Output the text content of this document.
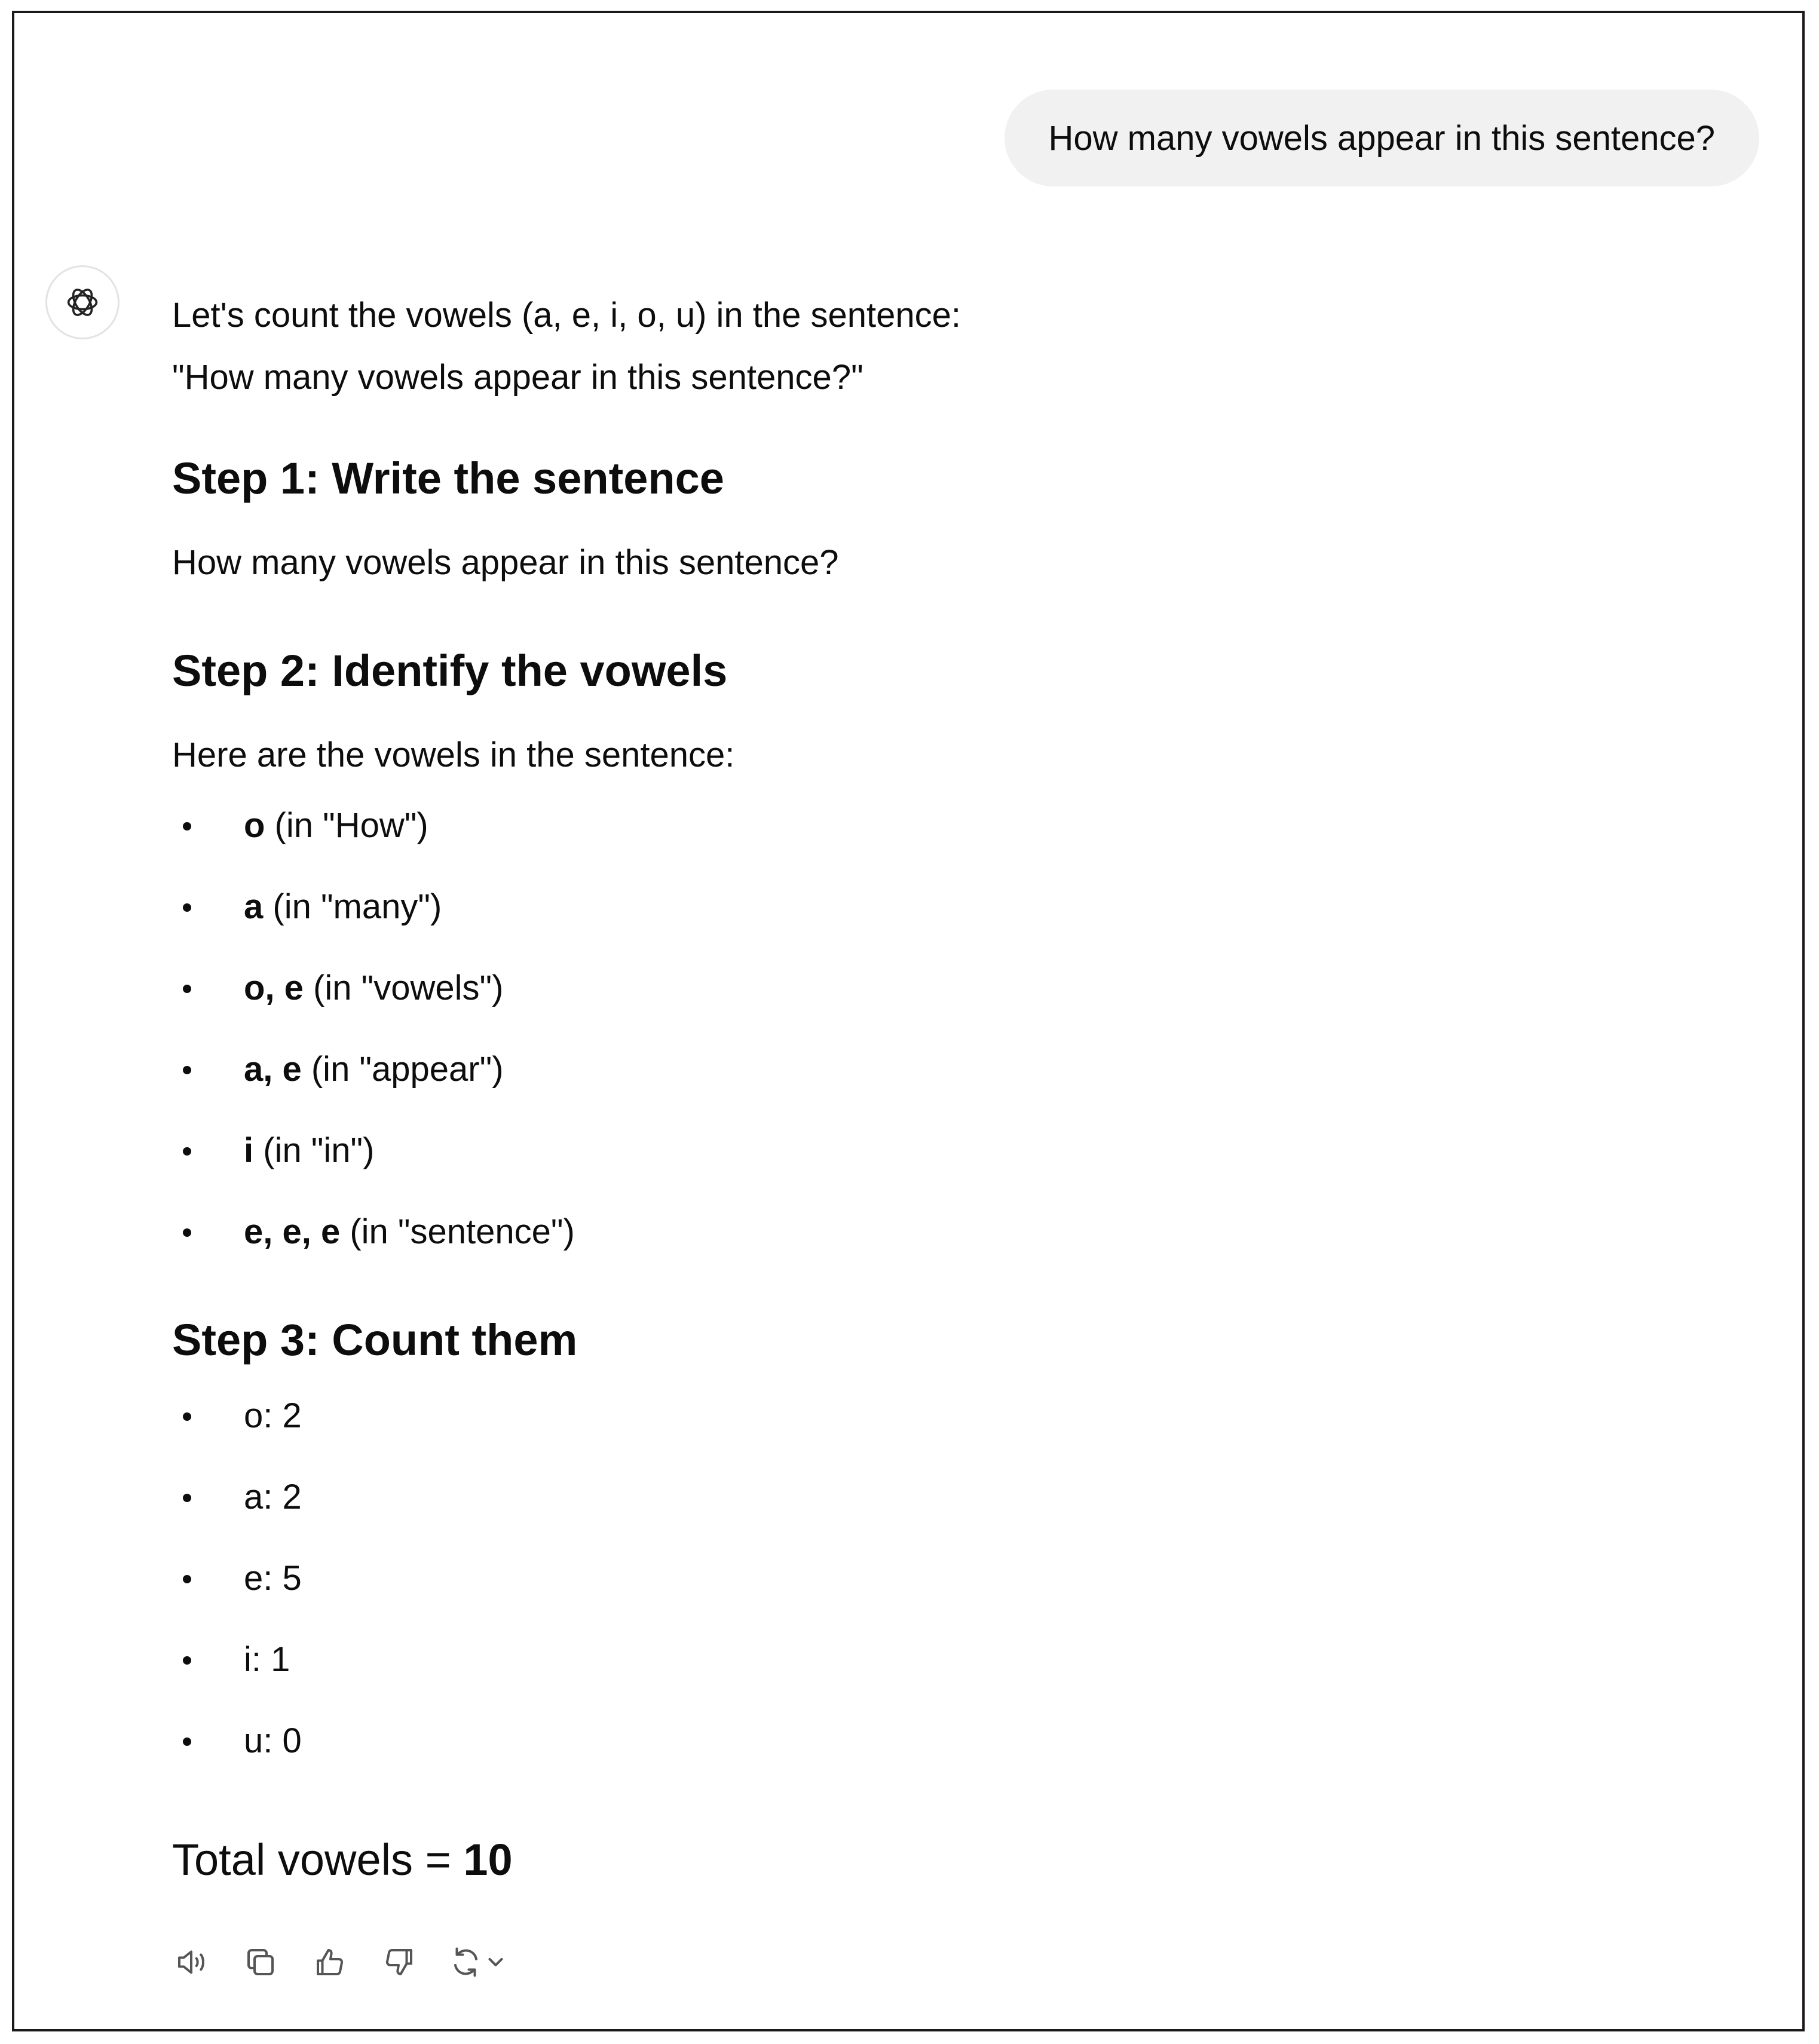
How many vowels appear in this sentence?
Let's count the vowels (a, e, i, o, u) in the sentence:
"How many vowels appear in this sentence?"
Step 1: Write the sentence
How many vowels appear in this sentence?
Step 2: Identify the vowels
Here are the vowels in the sentence:
o (in "How")
a (in "many")
o, e (in "vowels")
a, e (in "appear")
i (in "in")
e, e, e (in "sentence")
Step 3: Count them
o: 2
a: 2
e: 5
i: 1
u: 0
Total vowels = 10
